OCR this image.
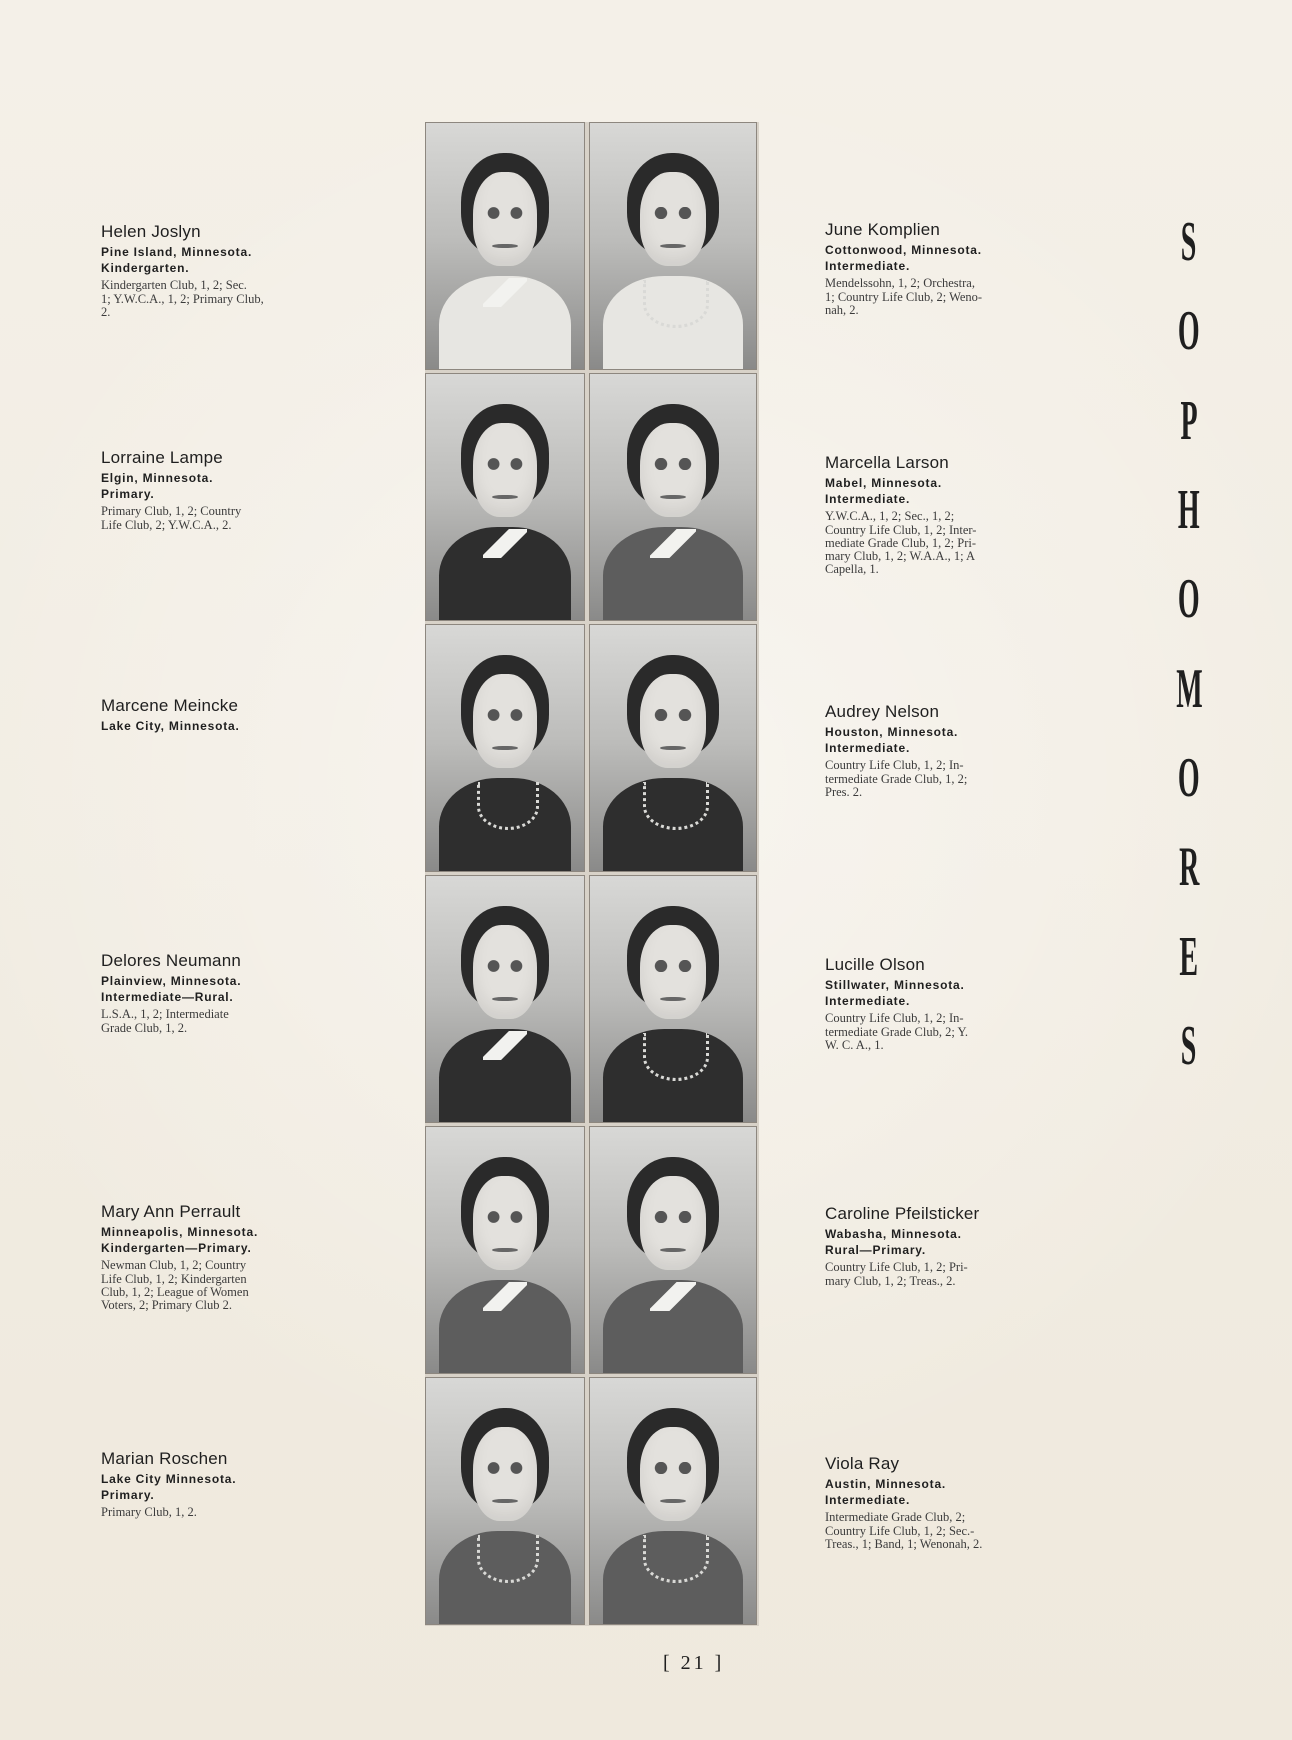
Helen Joslyn
Pine Island, Minnesota.
Kindergarten.
Kindergarten Club, 1, 2; Sec.
1; Y.W.C.A., 1, 2; Primary Club,
2.
June Komplien
Cottonwood, Minnesota.
Intermediate.
Mendelssohn, 1, 2; Orchestra,
1; Country Life Club, 2; Weno-
nah, 2.
Lorraine Lampe
Elgin, Minnesota.
Primary.
Primary Club, 1, 2; Country
Life Club, 2; Y.W.C.A., 2.
Marcella Larson
Mabel, Minnesota.
Intermediate.
Y.W.C.A., 1, 2; Sec., 1, 2;
Country Life Club, 1, 2; Inter-
mediate Grade Club, 1, 2; Pri-
mary Club, 1, 2; W.A.A., 1; A
Capella, 1.
Marcene Meincke
Lake City, Minnesota.
Audrey Nelson
Houston, Minnesota.
Intermediate.
Country Life Club, 1, 2; In-
termediate Grade Club, 1, 2;
Pres. 2.
Delores Neumann
Plainview, Minnesota.
Intermediate—Rural.
L.S.A., 1, 2; Intermediate
Grade Club, 1, 2.
Lucille Olson
Stillwater, Minnesota.
Intermediate.
Country Life Club, 1, 2; In-
termediate Grade Club, 2; Y.
W. C. A., 1.
Mary Ann Perrault
Minneapolis, Minnesota.
Kindergarten—Primary.
Newman Club, 1, 2; Country
Life Club, 1, 2; Kindergarten
Club, 1, 2; League of Women
Voters, 2; Primary Club 2.
Caroline Pfeilsticker
Wabasha, Minnesota.
Rural—Primary.
Country Life Club, 1, 2; Pri-
mary Club, 1, 2; Treas., 2.
Marian Roschen
Lake City Minnesota.
Primary.
Primary Club, 1, 2.
Viola Ray
Austin, Minnesota.
Intermediate.
Intermediate Grade Club, 2;
Country Life Club, 1, 2; Sec.-
Treas., 1; Band, 1; Wenonah, 2.
S
O
P
H
O
M
O
R
E
S
[ 21 ]
